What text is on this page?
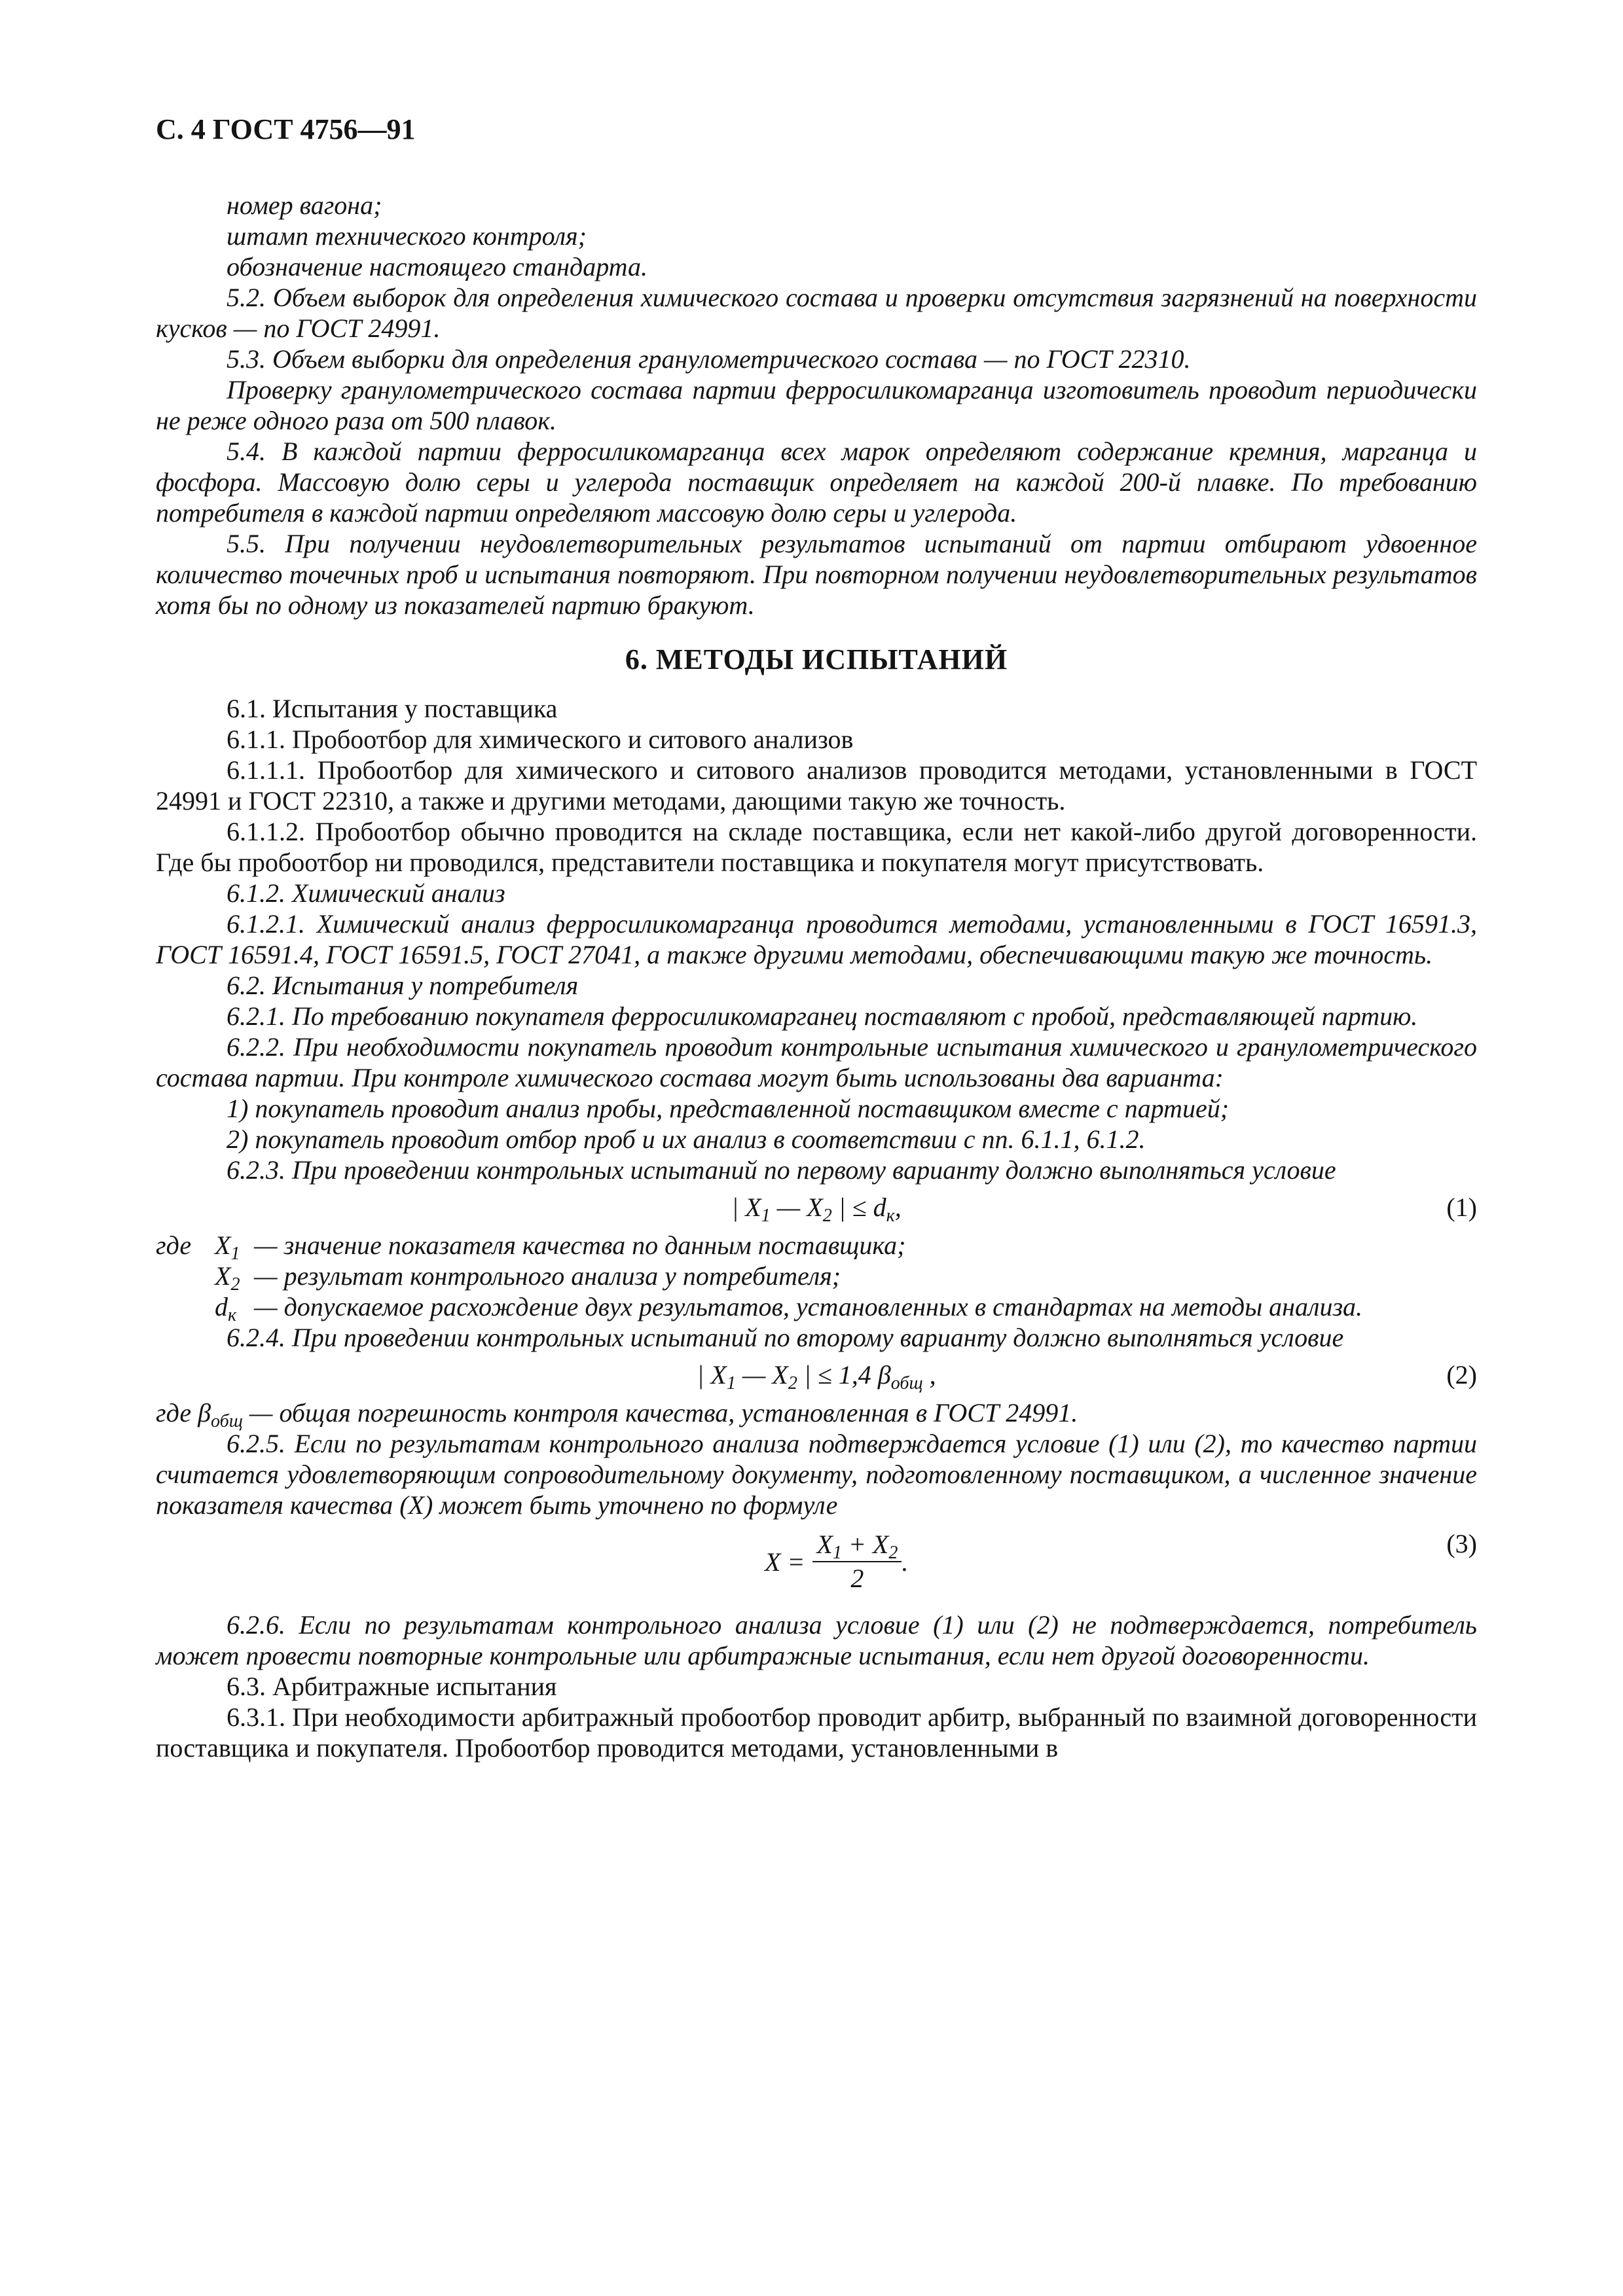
С. 4 ГОСТ 4756—91

номер вагона;

штамп технического контроля;

обозначение настоящего стандарта.

5.2. Объем выборок для определения химического состава и проверки отсутствия загрязнений на поверхности кусков — по ГОСТ 24991.

5.3. Объем выборки для определения гранулометрического состава — по ГОСТ 22310.

Проверку гранулометрического состава партии ферросиликомарганца изготовитель проводит периодически не реже одного раза от 500 плавок.

5.4. В каждой партии ферросиликомарганца всех марок определяют содержание кремния, марганца и фосфора. Массовую долю серы и углерода поставщик определяет на каждой 200-й плавке. По требованию потребителя в каждой партии определяют массовую долю серы и углерода.

5.5. При получении неудовлетворительных результатов испытаний от партии отбирают удвоенное количество точечных проб и испытания повторяют. При повторном получении неудовлетворительных результатов хотя бы по одному из показателей партию бракуют.

6. МЕТОДЫ ИСПЫТАНИЙ

6.1. Испытания у поставщика

6.1.1. Пробоотбор для химического и ситового анализов

6.1.1.1. Пробоотбор для химического и ситового анализов проводится методами, установленными в ГОСТ 24991 и ГОСТ 22310, а также и другими методами, дающими такую же точность.

6.1.1.2. Пробоотбор обычно проводится на складе поставщика, если нет какой-либо другой договоренности. Где бы пробоотбор ни проводился, представители поставщика и покупателя могут присутствовать.

6.1.2. Химический анализ

6.1.2.1. Химический анализ ферросиликомарганца проводится методами, установленными в ГОСТ 16591.3, ГОСТ 16591.4, ГОСТ 16591.5, ГОСТ 27041, а также другими методами, обеспечивающими такую же точность.

6.2. Испытания у потребителя

6.2.1. По требованию покупателя ферросиликомарганец поставляют с пробой, представляющей партию.

6.2.2. При необходимости покупатель проводит контрольные испытания химического и гранулометрического состава партии. При контроле химического состава могут быть использованы два варианта:

1) покупатель проводит анализ пробы, представленной поставщиком вместе с партией;

2) покупатель проводит отбор проб и их анализ в соответствии с пп. 6.1.1, 6.1.2.

6.2.3. При проведении контрольных испытаний по первому варианту должно выполняться условие

| $X_1$ — $X_2$ | ≤ $d_к$,	(1)
где $X_1$ — значение показателя качества по данным поставщика;
$X_2$ — результат контрольного анализа у потребителя;
$d_к$ — допускаемое расхождение двух результатов, установленных в стандартах на методы анализа.

6.2.4. При проведении контрольных испытаний по второму варианту должно выполняться условие

| $X_1$ — $X_2$ | ≤ 1,4 $\beta_{общ}$ ,	(2)

где $\beta_{общ}$ — общая погрешность контроля качества, установленная в ГОСТ 24991.

6.2.5. Если по результатам контрольного анализа подтверждается условие (1) или (2), то качество партии считается удовлетворяющим сопроводительному документу, подготовленному поставщиком, а численное значение показателя качества (X) может быть уточнено по формуле

$X = \frac{X_1 + X_2}{2}$ .
(3)

6.2.6. Если по результатам контрольного анализа условие (1) или (2) не подтверждается, потребитель может провести повторные контрольные или арбитражные испытания, если нет другой договоренности.

6.3. Арбитражные испытания

6.3.1. При необходимости арбитражный пробоотбор проводит арбитр, выбранный по взаимной договоренности поставщика и покупателя. Пробоотбор проводится методами, установленными в
